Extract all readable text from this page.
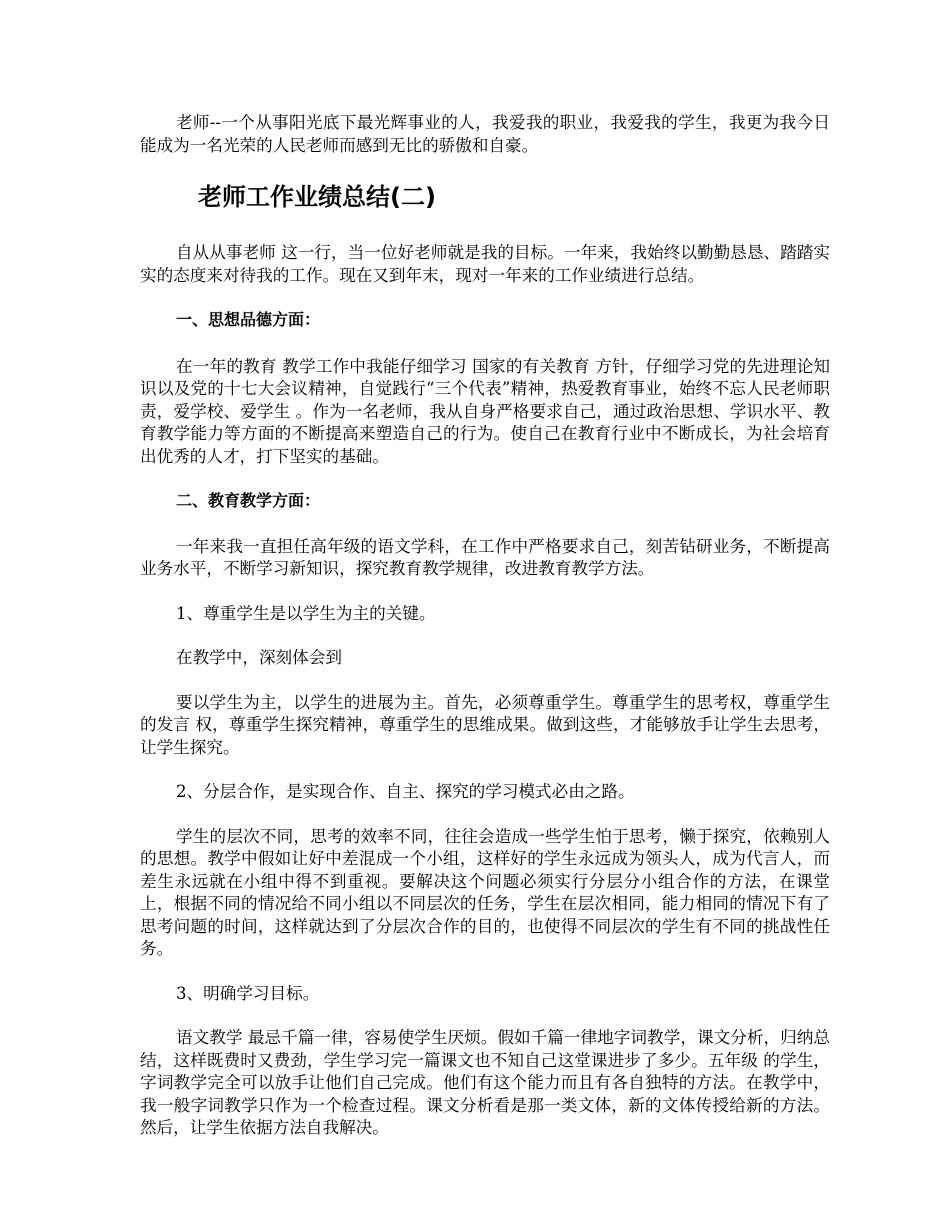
老师--一个从事阳光底下最光辉事业的人，我爱我的职业，我爱我的学生，我更为我今日能成为一名光荣的人民老师而感到无比的骄傲和自豪。

老师工作业绩总结(二)

自从从事老师 这一行，当一位好老师就是我的目标。一年来，我始终以勤勤恳恳、踏踏实实的态度来对待我的工作。现在又到年末，现对一年来的工作业绩进行总结。

一、思想品德方面：

在一年的教育 教学工作中我能仔细学习 国家的有关教育 方针，仔细学习党的先进理论知识以及党的十七大会议精神，自觉践行“三个代表”精神，热爱教育事业，始终不忘人民老师职责，爱学校、爱学生 。作为一名老师，我从自身严格要求自己，通过政治思想、学识水平、教育教学能力等方面的不断提高来塑造自己的行为。使自己在教育行业中不断成长，为社会培育出优秀的人才，打下坚实的基础。

二、教育教学方面：

一年来我一直担任高年级的语文学科，在工作中严格要求自己，刻苦钻研业务，不断提高业务水平，不断学习新知识，探究教育教学规律，改进教育教学方法。

1、尊重学生是以学生为主的关键。

在教学中，深刻体会到

要以学生为主，以学生的进展为主。首先，必须尊重学生。尊重学生的思考权，尊重学生的发言 权，尊重学生探究精神，尊重学生的思维成果。做到这些，才能够放手让学生去思考，让学生探究。

2、分层合作，是实现合作、自主、探究的学习模式必由之路。

学生的层次不同，思考的效率不同，往往会造成一些学生怕于思考，懒于探究，依赖别人的思想。教学中假如让好中差混成一个小组，这样好的学生永远成为领头人，成为代言人，而差生永远就在小组中得不到重视。要解决这个问题必须实行分层分小组合作的方法，在课堂上，根据不同的情况给不同小组以不同层次的任务，学生在层次相同，能力相同的情况下有了思考问题的时间，这样就达到了分层次合作的目的，也使得不同层次的学生有不同的挑战性任务。

3、明确学习目标。

语文教学 最忌千篇一律，容易使学生厌烦。假如千篇一律地字词教学，课文分析，归纳总结，这样既费时又费劲，学生学习完一篇课文也不知自己这堂课进步了多少。五年级 的学生，字词教学完全可以放手让他们自己完成。他们有这个能力而且有各自独特的方法。在教学中，我一般字词教学只作为一个检查过程。课文分析看是那一类文体，新的文体传授给新的方法。然后，让学生依据方法自我解决。
